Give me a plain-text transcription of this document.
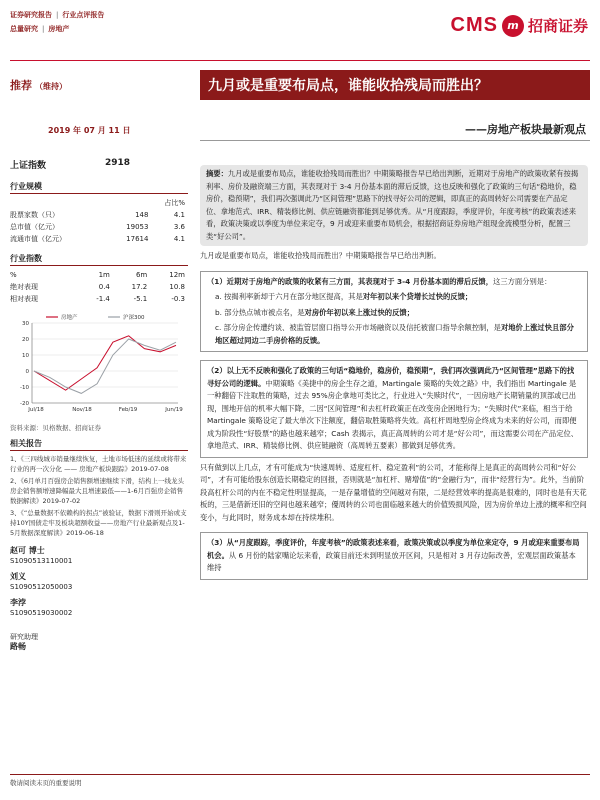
证券研究报告 | 行业点评报告
总量研究 | 房地产	CMS m 招商证券
推荐 （维持）	九月或是重要布局点，谁能收拾残局而胜出？
2019 年 07 月 11 日	——房地产板块最新观点
上证指数	2918
行业规模
		占比%
股票家数（只）	148	4.1
总市值（亿元）	19053	3.6
流通市值（亿元）	17614	4.1
行业指数
%	1m	6m	12m
绝对表现	0.4	17.2	10.8
相对表现	-1.4	-5.1	-0.3
30
20
10
0
-10
-20
Jul/18	Nov/18	Feb/19	Jun/19
房地产	沪深300
资料来源：贝格数据、招商证券
相关报告

1、《三四线城市销量继续恢复，土地市场低迷的延续或将带来行业的再一次分化 —— 房地产板块跟踪》2019-07-08

2、《6月单月百强房企销售额增速继续下滑，结构上一线龙头房企销售额增速降幅最大且增速最低——1-6月百强房企销售数据解读》2019-07-02

3、《“总量数据不依赖构的拐点”被验证，数据下滑则开始或支持10Y国债走牢及板块超额收益——房地产行业最新观点及1-5月数据深度解读》2019-06-18

赵可 博士
S1090513110001
刘义
S1090512050003
李浡
S1090519030002
研究助理
路畅
摘要：九月或是重要布局点，谁能收拾残局而胜出？中期策略报告早已给出判断，近期对于房地产的政策收紧有按揭利率、房价及融资端三方面，其表现对于 3-4 月份基本面的滞后反馈，这也反映和强化了政策的三句话“稳地价，稳房价，稳预期”，我们再次强调此乃“区间管理”思路下的找寻好公司的逻辑，即真正的高周转好公司需要在产品定位、拿地范式、IRR、精装修比例、供应链融资都能到足够优秀。从“月度跟踪，季度评价，年度考核”的政策表述来看，政策决策或以季度为单位来定夺，9 月或迎来重要布局机会，根据招商证券房地产组现金流模型分析，配置三类“好公司”。
九月或是重要布局点，谁能收拾残局而胜出？中期策略报告早已给出判断。
（1）近期对于房地产的政策的收紧有三方面，其表现对于 3-4 月份基本面的滞后反馈，这三方面分别是：
a. 按揭利率新却于六月在部分地区提高，其是对年初以来个贷增长过快的反馈；
b. 部分热点城市被点名，是对房价年初以来上涨过快的反馈；
c. 部分房企传遭约谈、被监管层窗口指导公开市场融资以及信托被窗口指导余额控制，是对地价上涨过快且部分地区超过同边二手房价格的反馈。
（2）以上无不反映和强化了政策的三句话“稳地价，稳房价，稳预期”，我们再次强调此乃“区间管理”思路下的找寻好公司的逻辑。中期策略《美捷中的房企生存之道，Martingale 策略的失效之路》中，我们指出 Martingale 是一种翻倍下注取胜的策略，过去 95%房企拿地可类比之，行业进入“失赎时代”，一因房地产长期销量的顶部或已出现，围地开信的机率大幅下降，二因“区间管理”和去杠杆政策正在改变房企困地行为；“失赎时代”来临，相当于给 Martingale 策略设定了最大单次下注额度，翻倍取胜策略将失效。高杠杆周地型房企终成为未来的好公司，而即便成为阶段性“好股票”的路也越来越窄；Cash 表揭示，真正高周转的公司才是“好公司”，而这需要公司在产品定位、拿地范式、IRR、精装修比例、供应链融资（高周转五要素）都做到足够优秀。
只有做到以上几点，才有可能成为“快速周转、适度杠杆、稳定盈利”的公司，才能称得上是真正的高周转公司和“好公司”，才有可能给股东创造长期稳定的回报，否则就是“加杠杆、赌增值”的“金融行为”，而非“经营行为”。此外，当前阶段高杠杆公司的内在不稳定性明显提高，一是存量增值的空间越对有限，二是经营效率的提高是很难的，同时也是有天花板的，三是借新还旧的空间也越来越窄；優周转的公司也面临越来越大的价值毁损风险，因为房价单边上涨的概率和空间变小，与此同时，财务成本却在持续堆积。
（3）从“月度跟踪，季度评价，年度考核”的政策表述来看，政策决策或以季度为单位来定夺，9 月或迎来重要布局机会。从 6 月份的陆家嘴论坛来看，政策目前还未到明显放开区间，只是相对 3 月存边际改善，宏观层面政策基本维持
敬请阅读末页的重要说明
